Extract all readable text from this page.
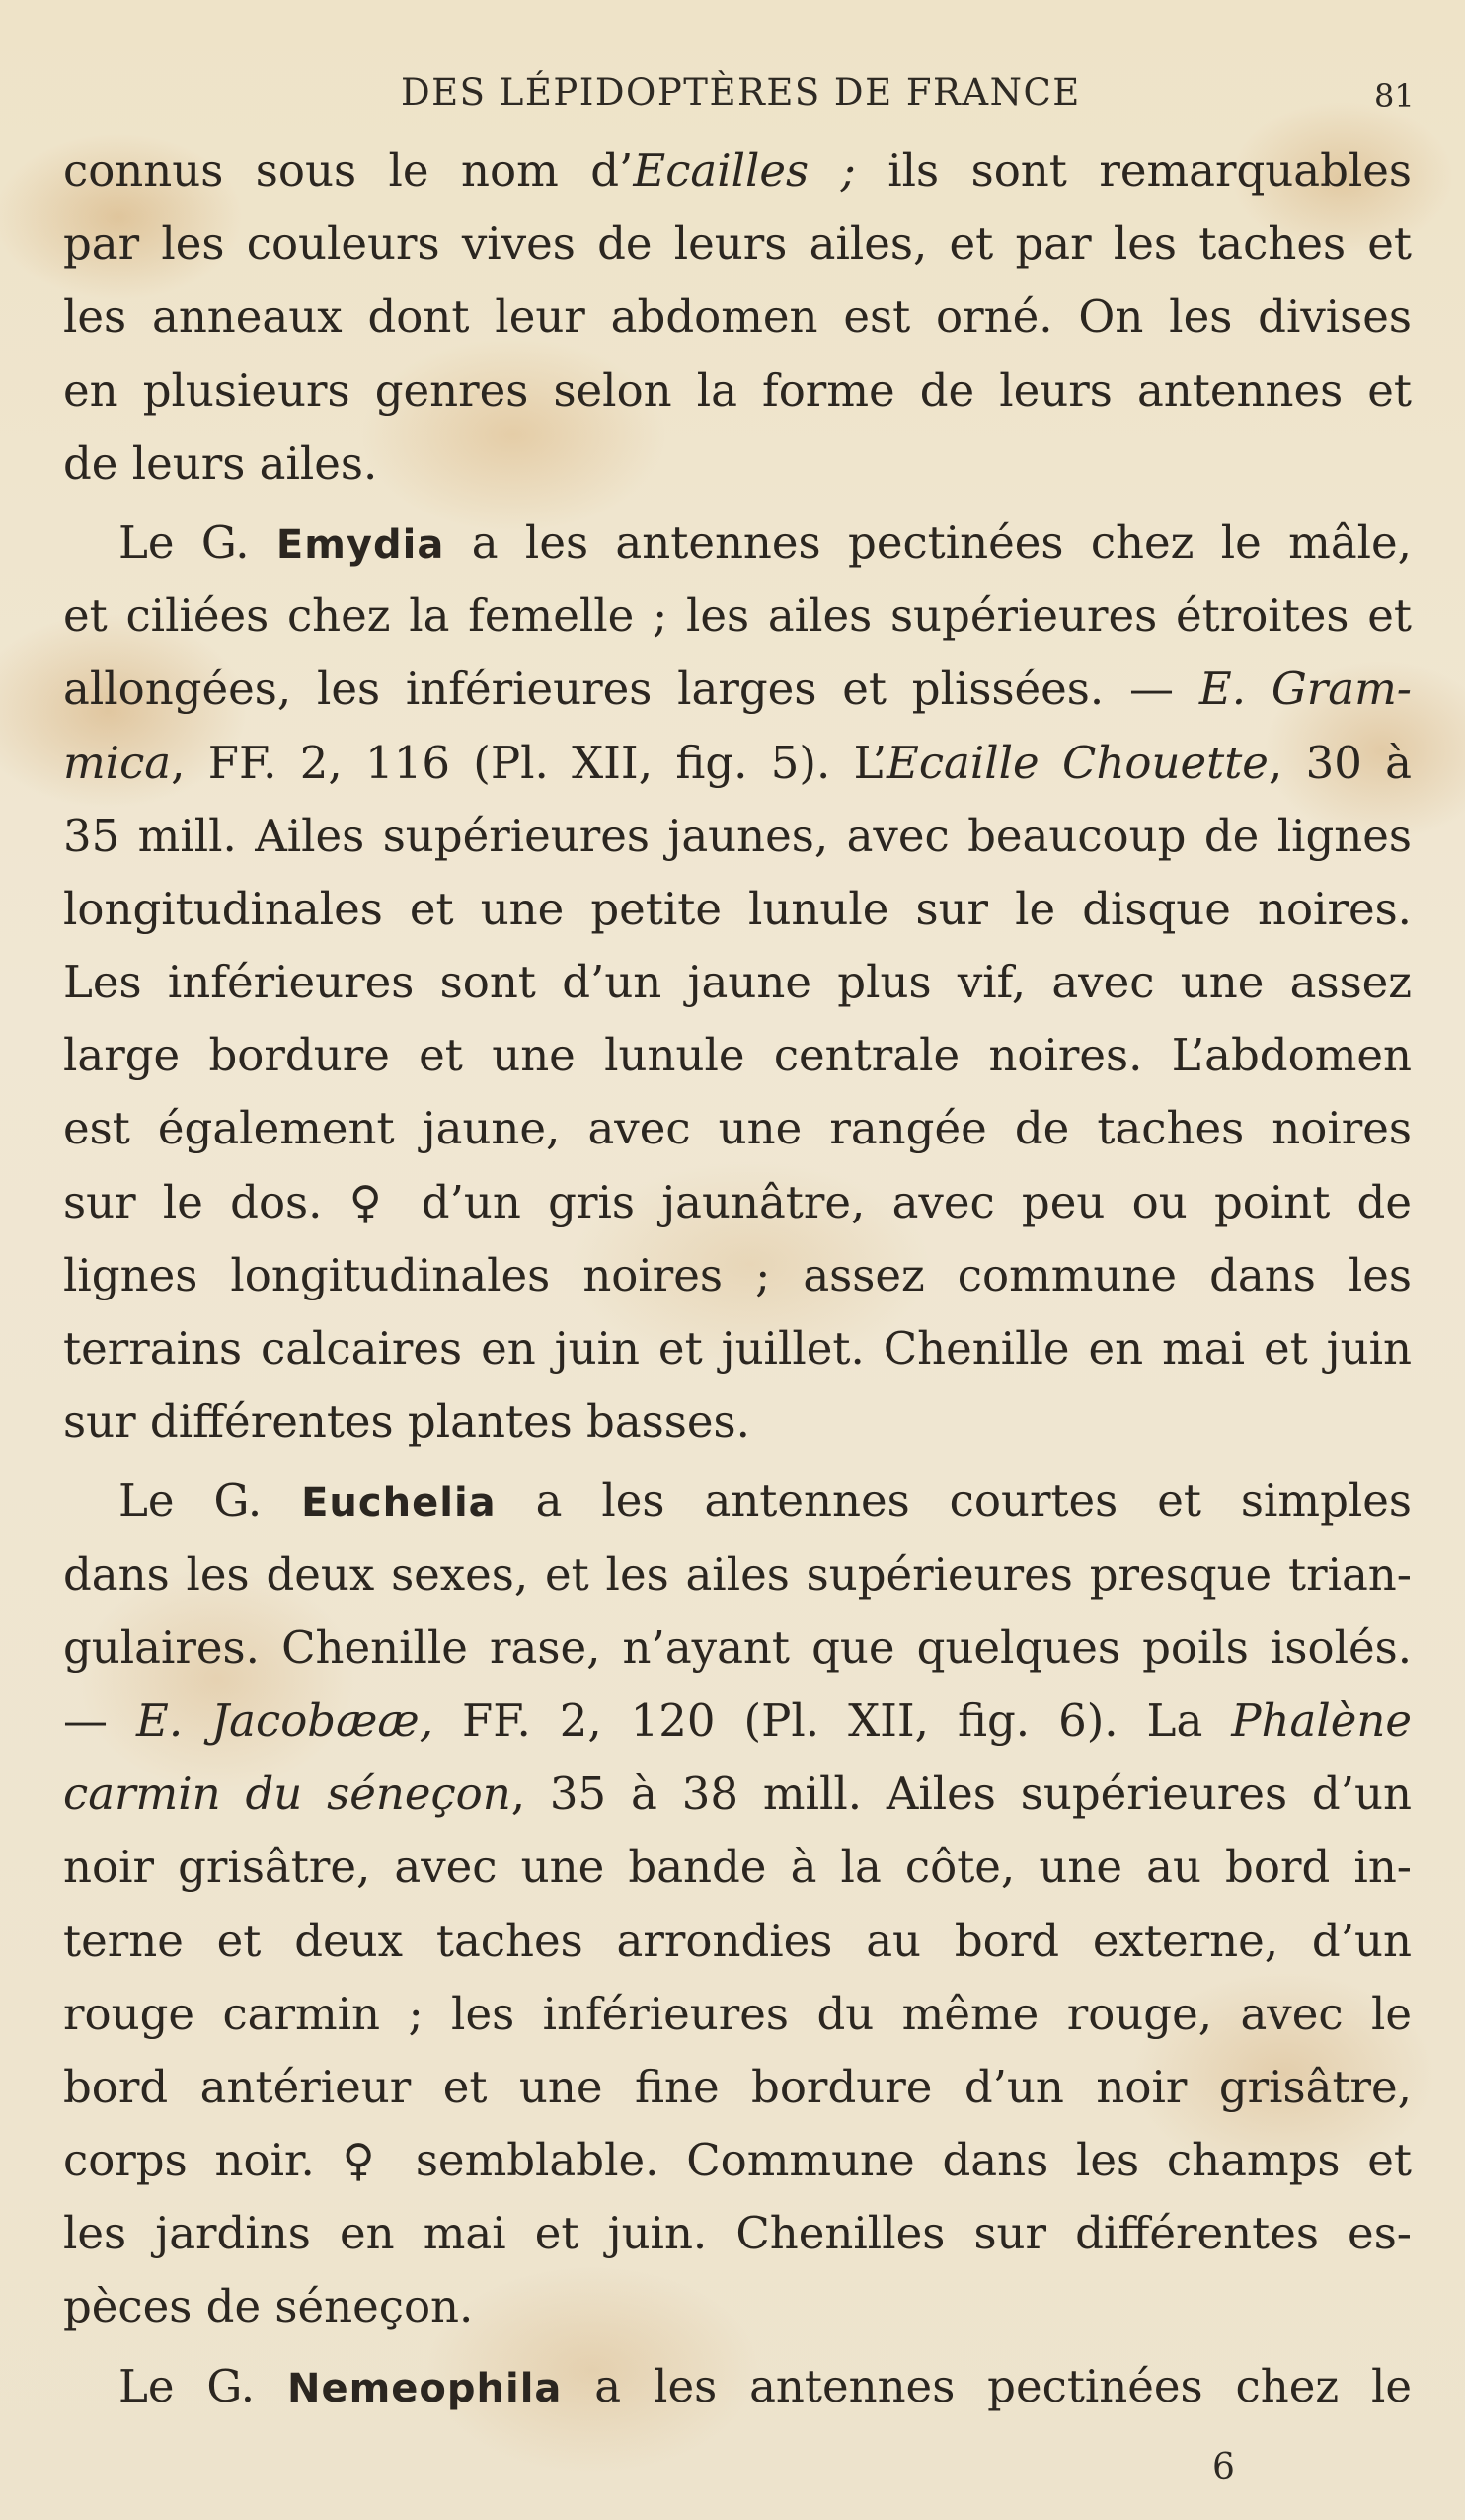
DES LÉPIDOPTÈRES DE FRANCE	81
connus sous le nom d’Ecailles ; ils sont remarquables
par les couleurs vives de leurs ailes, et par les taches et
les anneaux dont leur abdomen est orné. On les divises
en plusieurs genres selon la forme de leurs antennes et
de leurs ailes.
Le G. Emydia a les antennes pectinées chez le mâle,
et ciliées chez la femelle ; les ailes supérieures étroites et
allongées, les inférieures larges et plissées. — E. Gram-
mica, FF. 2, 116 (Pl. XII, fig. 5). L’Ecaille Chouette, 30 à
35 mill. Ailes supérieures jaunes, avec beaucoup de lignes
longitudinales et une petite lunule sur le disque noires.
Les inférieures sont d’un jaune plus vif, avec une assez
large bordure et une lunule centrale noires. L’abdomen
est également jaune, avec une rangée de taches noires
sur le dos. ♀ d’un gris jaunâtre, avec peu ou point de
lignes longitudinales noires ; assez commune dans les
terrains calcaires en juin et juillet. Chenille en mai et juin
sur différentes plantes basses.
Le G. Euchelia a les antennes courtes et simples
dans les deux sexes, et les ailes supérieures presque trian-
gulaires. Chenille rase, n’ayant que quelques poils isolés.
— E. Jacobææ, FF. 2, 120 (Pl. XII, fig. 6). La Phalène
carmin du séneçon, 35 à 38 mill. Ailes supérieures d’un
noir grisâtre, avec une bande à la côte, une au bord in-
terne et deux taches arrondies au bord externe, d’un
rouge carmin ; les inférieures du même rouge, avec le
bord antérieur et une fine bordure d’un noir grisâtre,
corps noir. ♀ semblable. Commune dans les champs et
les jardins en mai et juin. Chenilles sur différentes es-
pèces de séneçon.
Le G. Nemeophila a les antennes pectinées chez le
6
